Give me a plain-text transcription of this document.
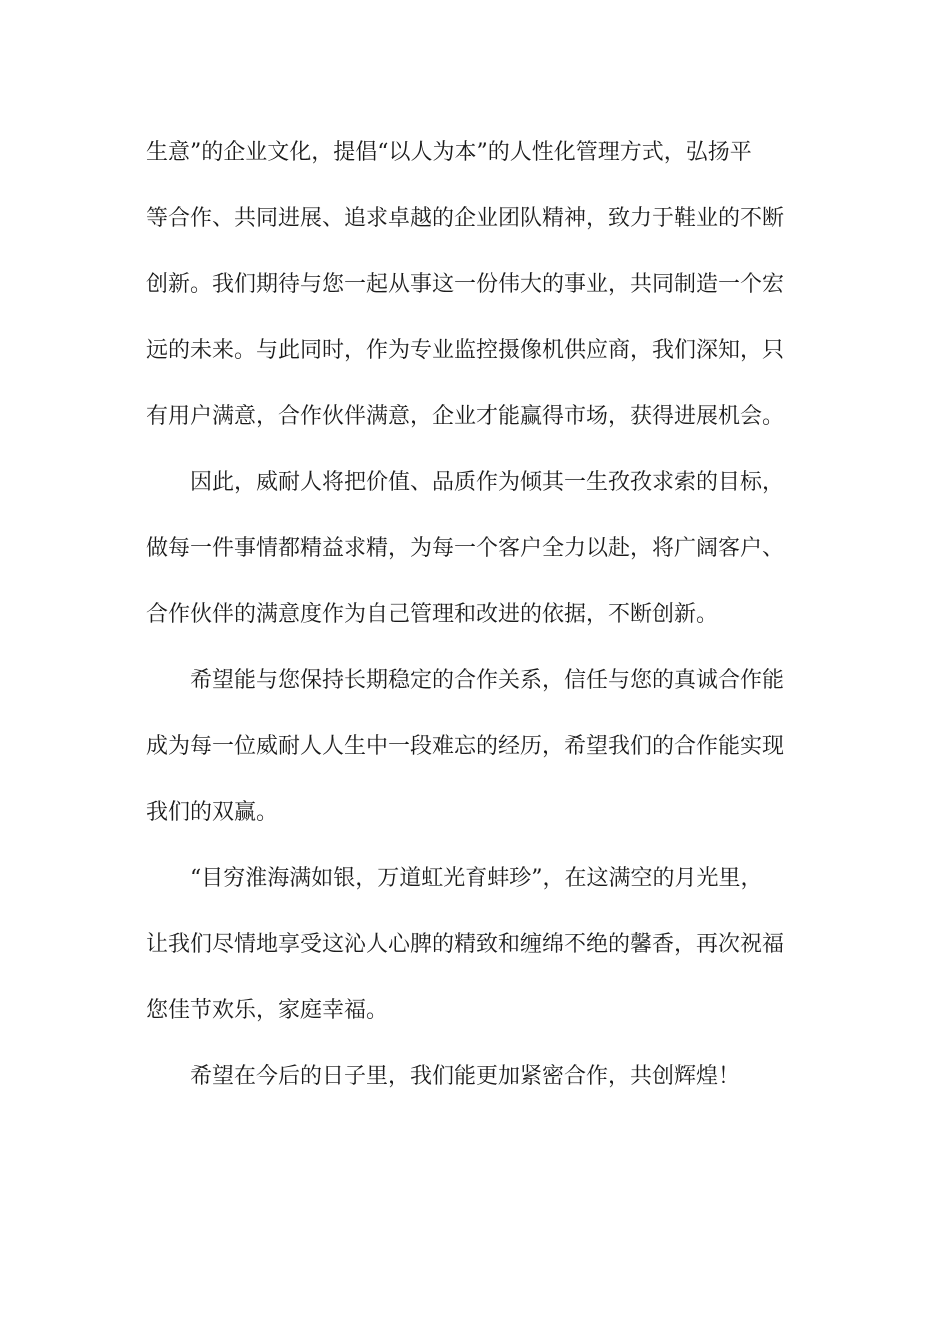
生意”的企业文化，提倡“以人为本”的人性化管理方式，弘扬平
等合作、共同进展、追求卓越的企业团队精神，致力于鞋业的不断
创新。我们期待与您一起从事这一份伟大的事业，共同制造一个宏
远的未来。与此同时，作为专业监控摄像机供应商，我们深知，只
有用户满意，合作伙伴满意，企业才能赢得市场，获得进展机会。
因此，威耐人将把价值、品质作为倾其一生孜孜求索的目标，
做每一件事情都精益求精，为每一个客户全力以赴，将广阔客户、
合作伙伴的满意度作为自己管理和改进的依据，不断创新。
希望能与您保持长期稳定的合作关系，信任与您的真诚合作能
成为每一位威耐人人生中一段难忘的经历，希望我们的合作能实现
我们的双赢。
“目穷淮海满如银，万道虹光育蚌珍”，在这满空的月光里，
让我们尽情地享受这沁人心脾的精致和缠绵不绝的馨香，再次祝福
您佳节欢乐，家庭幸福。
希望在今后的日子里，我们能更加紧密合作，共创辉煌！
